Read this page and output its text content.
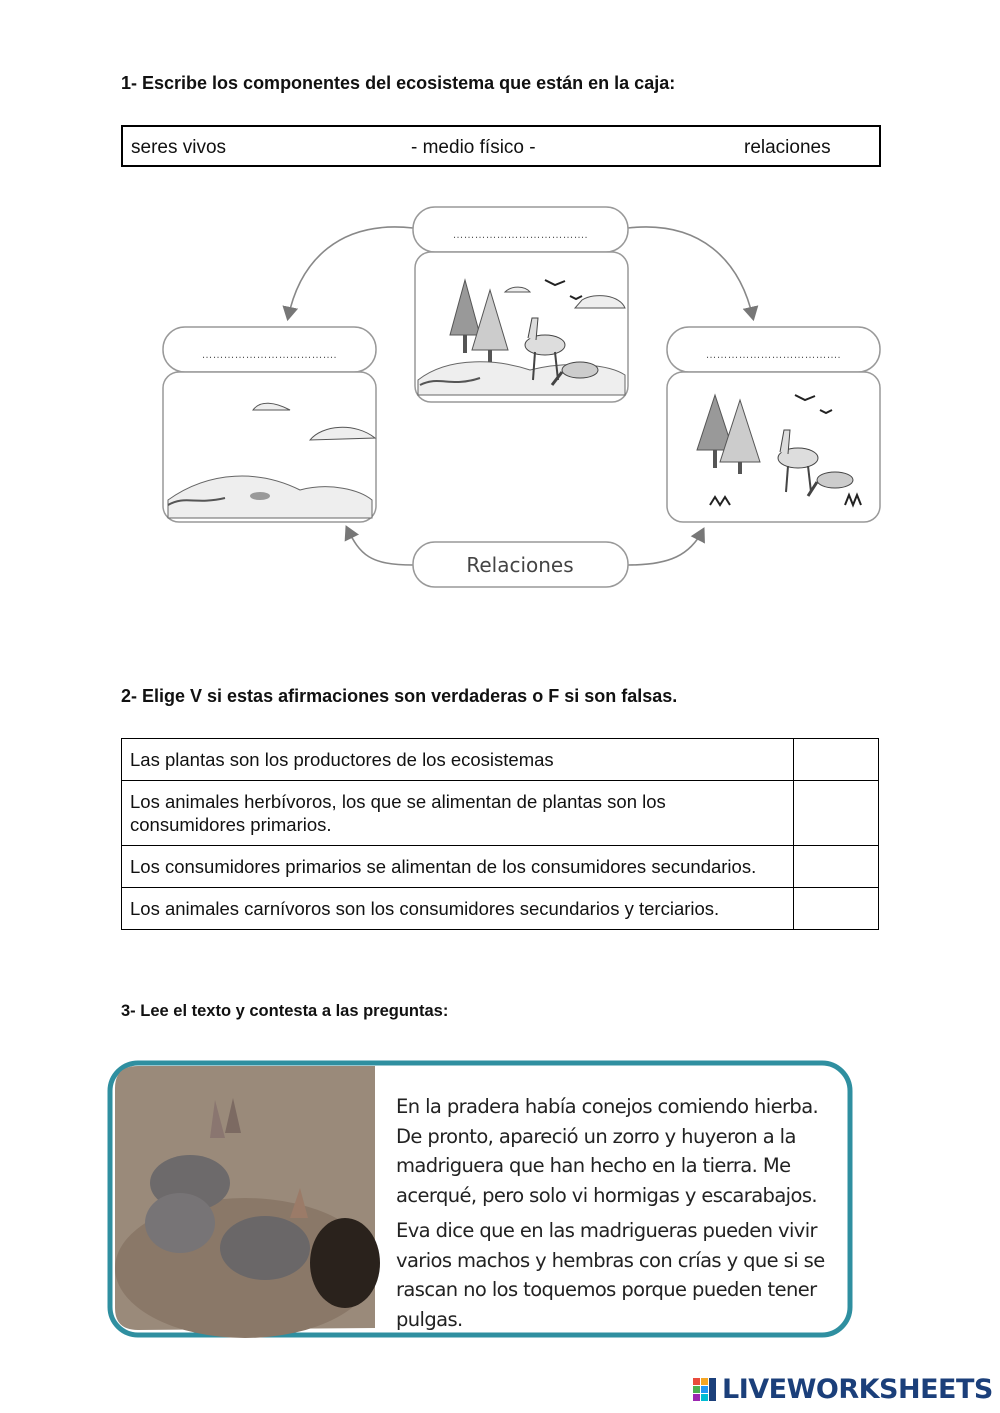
1- Escribe los componentes del ecosistema que están en la caja:
seres vivos	- medio físico -	relaciones
……………………………….
……………………………….	……………………………….
Relaciones
2- Elige V si estas afirmaciones son verdaderas o F si son falsas.
Las plantas son los productores de los ecosistemas	
Los animales herbívoros, los que se alimentan de plantas son los consumidores primarios.	
Los consumidores primarios se alimentan de los consumidores secundarios.	
Los animales carnívoros son los consumidores secundarios y terciarios.	
3- Lee el texto y contesta a las preguntas:

En la pradera había conejos comiendo hierba. De pronto, apareció un zorro y huyeron a la madriguera que han hecho en la tierra. Me acerqué, pero solo vi hormigas y escarabajos.

Eva dice que en las madrigueras pueden vivir varios machos y hembras con crías y que si se rascan no los toquemos porque pueden tener pulgas.

LIVEWORKSHEETS
